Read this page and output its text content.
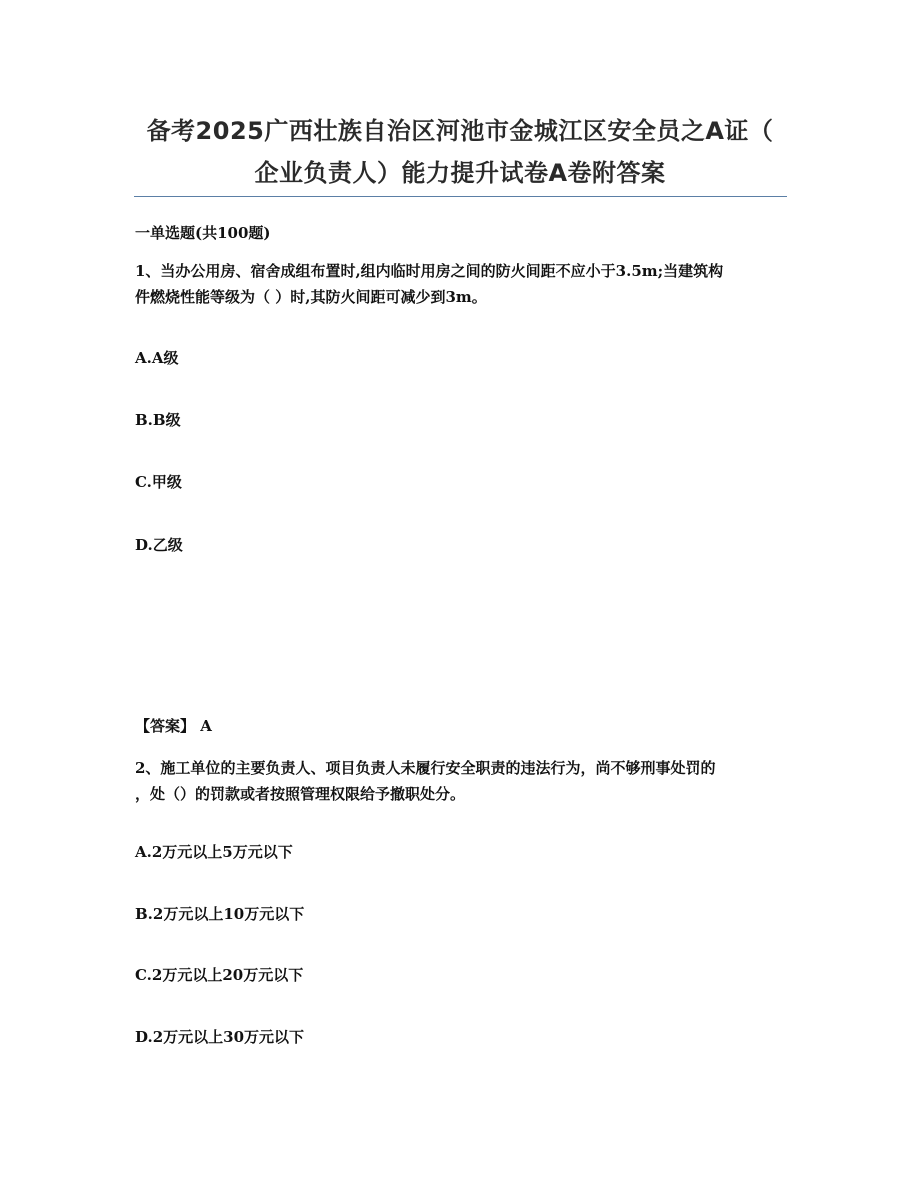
备考2025广西壮族自治区河池市金城江区安全员之A证（
企业负责人）能力提升试卷A卷附答案
一单选题(共100题)
1、当办公用房、宿舍成组布置时,组内临时用房之间的防火间距不应小于3.5m;当建筑构
件燃烧性能等级为（ ）时,其防火间距可减少到3m。
A.A级
B.B级
C.甲级
D.乙级
【答案】 A
2、施工单位的主要负责人、项目负责人未履行安全职责的违法行为，尚不够刑事处罚的
，处（）的罚款或者按照管理权限给予撤职处分。
A.2万元以上5万元以下
B.2万元以上10万元以下
C.2万元以上20万元以下
D.2万元以上30万元以下
